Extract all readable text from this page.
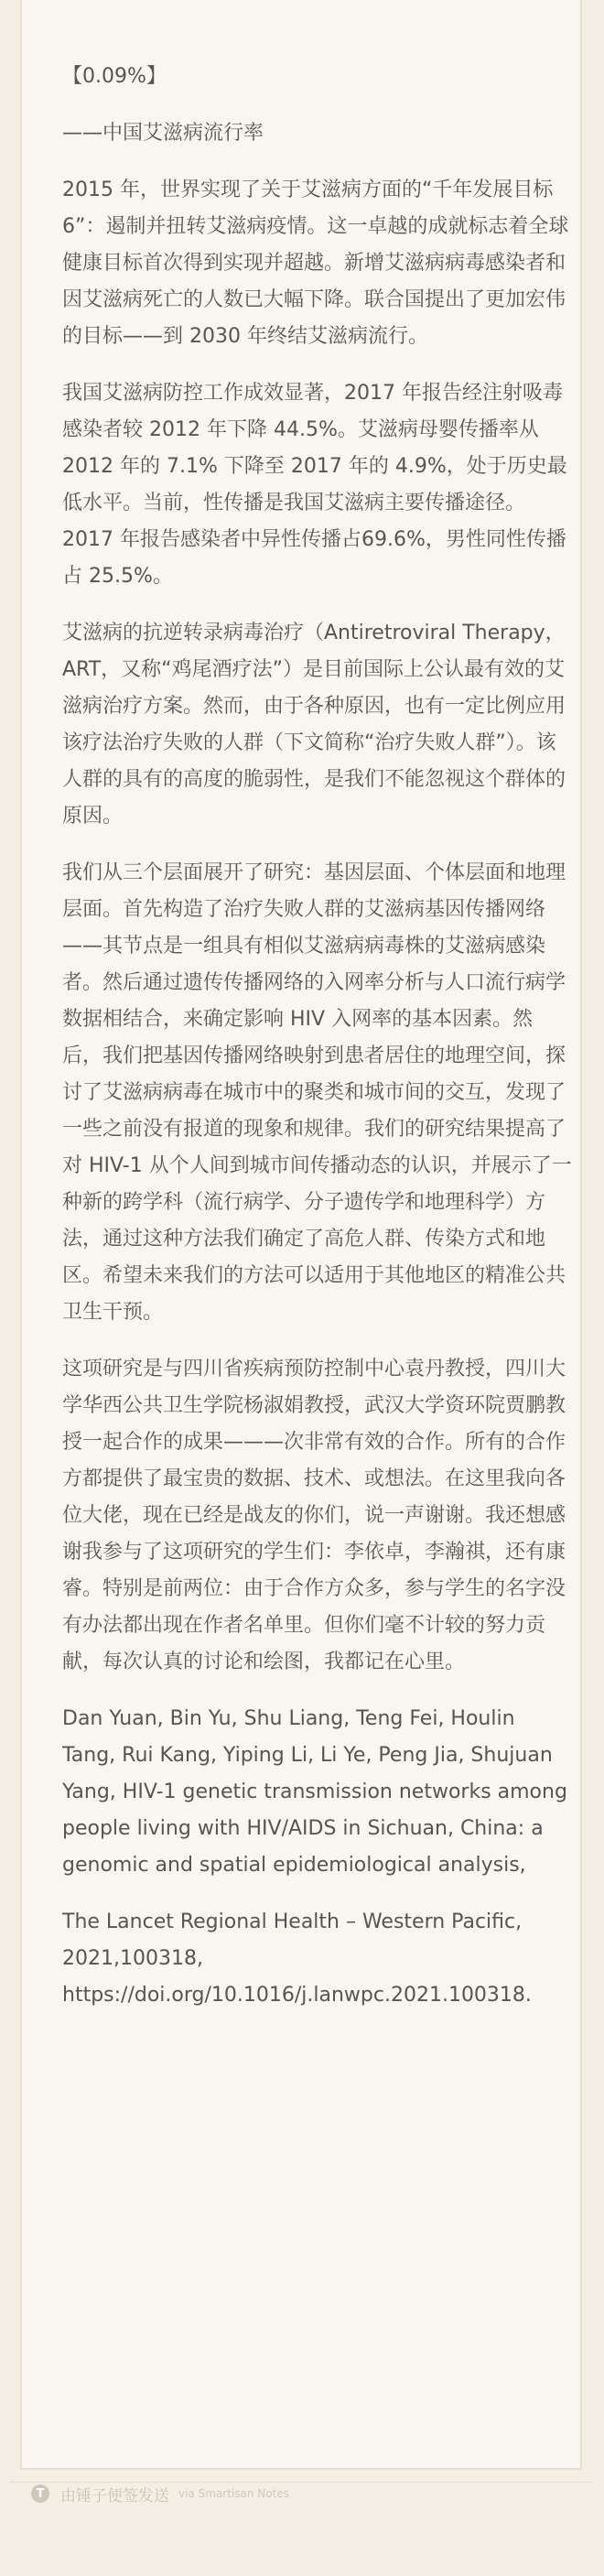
【0.09%】

——中国艾滋病流行率

2015 年，世界实现了关于艾滋病方面的“千年发展目标 6”：遏制并扭转艾滋病疫情。这一卓越的成就标志着全球健康目标首次得到实现并超越。新增艾滋病病毒感染者和因艾滋病死亡的人数已大幅下降。联合国提出了更加宏伟的目标——到 2030 年终结艾滋病流行。

我国艾滋病防控工作成效显著，2017 年报告经注射吸毒感染者较 2012 年下降 44.5%。艾滋病母婴传播率从 2012 年的 7.1% 下降至 2017 年的 4.9%，处于历史最低水平。当前，性传播是我国艾滋病主要传播途径。2017 年报告感染者中异性传播占69.6%，男性同性传播占 25.5%。

艾滋病的抗逆转录病毒治疗（Antiretroviral Therapy，ART，又称“鸡尾酒疗法”）是目前国际上公认最有效的艾滋病治疗方案。然而，由于各种原因，也有一定比例应用该疗法治疗失败的人群（下文简称“治疗失败人群”）。该人群的具有的高度的脆弱性，是我们不能忽视这个群体的原因。

我们从三个层面展开了研究：基因层面、个体层面和地理层面。首先构造了治疗失败人群的艾滋病基因传播网络——其节点是一组具有相似艾滋病病毒株的艾滋病感染者。然后通过遗传传播网络的入网率分析与人口流行病学数据相结合，来确定影响 HIV 入网率的基本因素。然后，我们把基因传播网络映射到患者居住的地理空间，探讨了艾滋病病毒在城市中的聚类和城市间的交互，发现了一些之前没有报道的现象和规律。我们的研究结果提高了对 HIV-1 从个人间到城市间传播动态的认识，并展示了一种新的跨学科（流行病学、分子遗传学和地理科学）方法，通过这种方法我们确定了高危人群、传染方式和地区。希望未来我们的方法可以适用于其他地区的精准公共卫生干预。

这项研究是与四川省疾病预防控制中心袁丹教授，四川大学华西公共卫生学院杨淑娟教授，武汉大学资环院贾鹏教授一起合作的成果———次非常有效的合作。所有的合作方都提供了最宝贵的数据、技术、或想法。在这里我向各位大佬，现在已经是战友的你们，说一声谢谢。我还想感谢我参与了这项研究的学生们：李依卓，李瀚祺，还有康睿。特别是前两位：由于合作方众多，参与学生的名字没有办法都出现在作者名单里。但你们毫不计较的努力贡献，每次认真的讨论和绘图，我都记在心里。

Dan Yuan, Bin Yu, Shu Liang, Teng Fei, Houlin Tang, Rui Kang, Yiping Li, Li Ye, Peng Jia, Shujuan Yang, HIV-1 genetic transmission networks among people living with HIV/AIDS in Sichuan, China: a genomic and spatial epidemiological analysis,

The Lancet Regional Health – Western Pacific, 2021,100318,
https://doi.org/10.1016/j.lanwpc.2021.100318.

T	由锤子便签发送 via Smartisan Notes
